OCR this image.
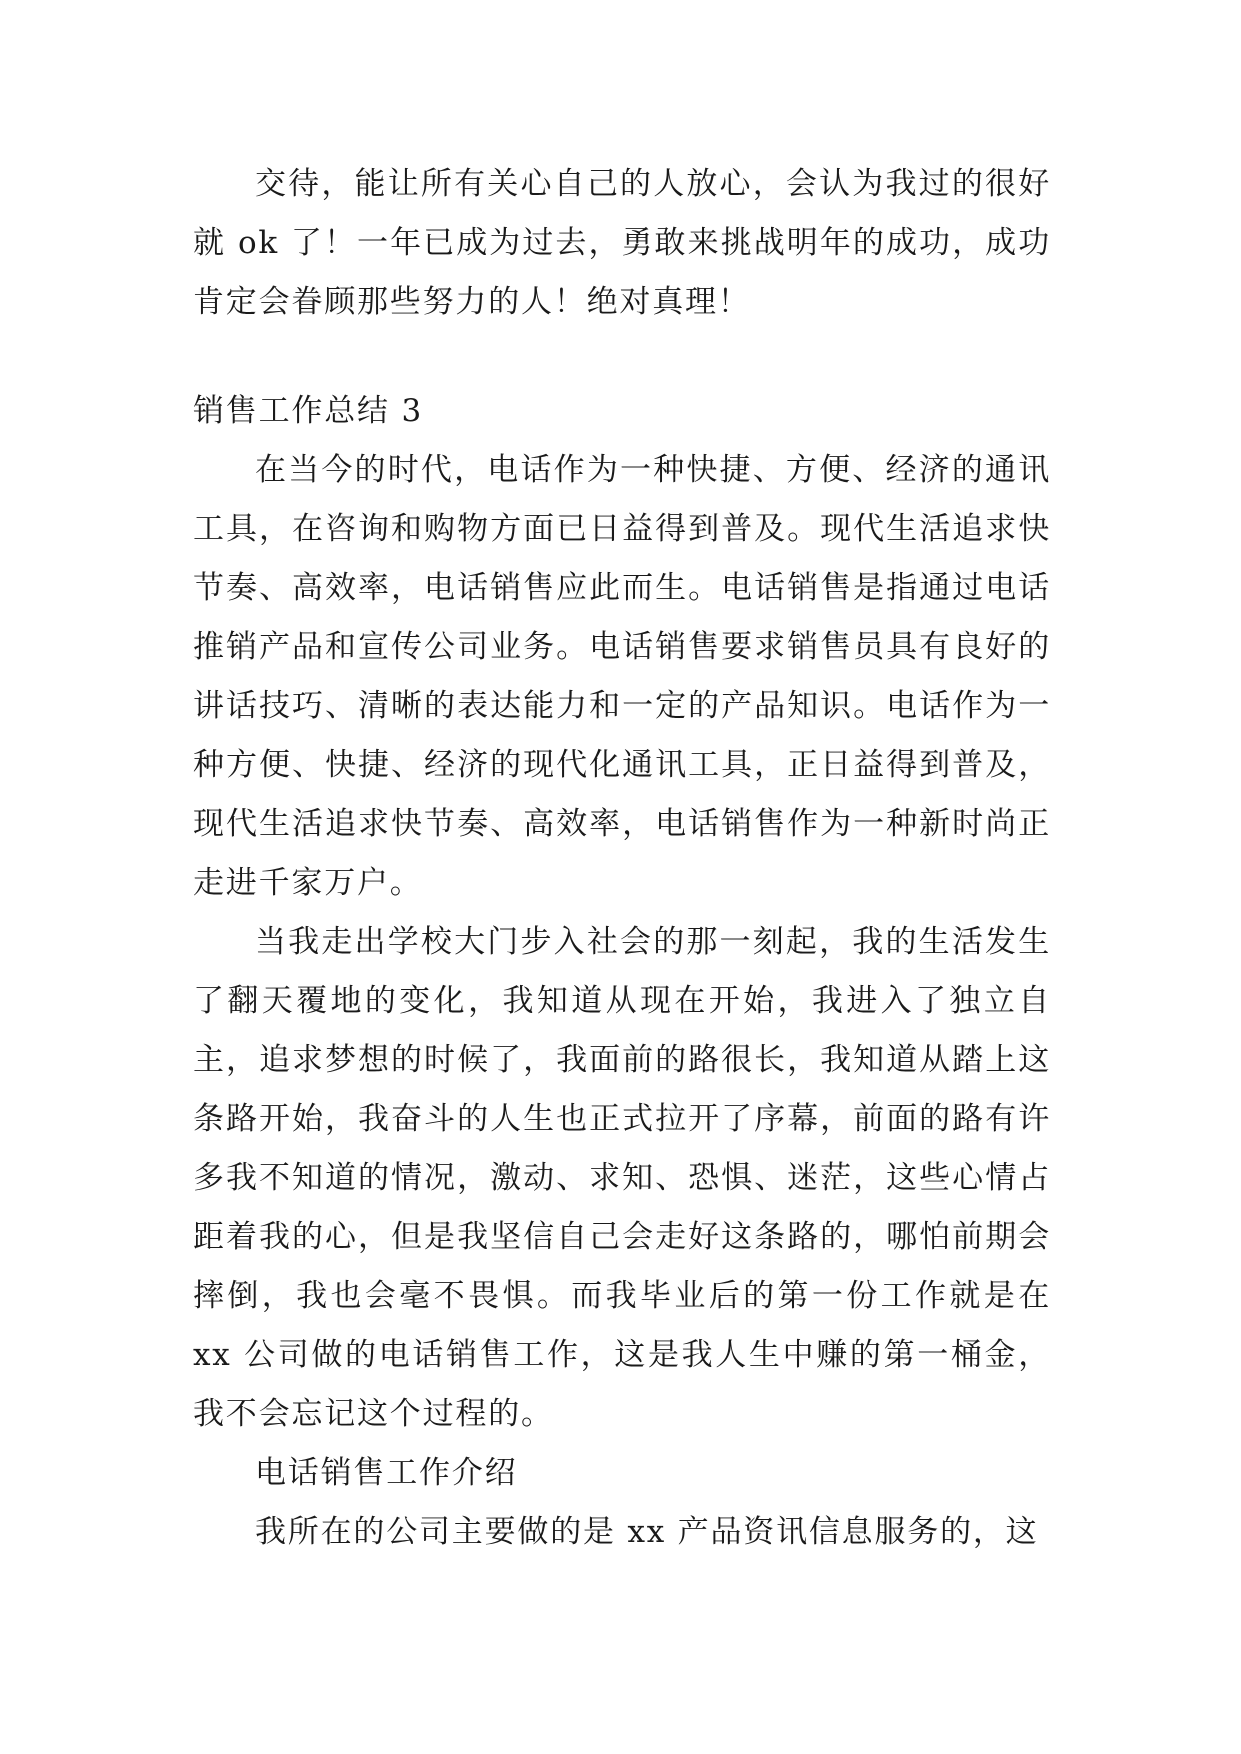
交待，能让所有关心自己的人放心，会认为我过的很好就 ok 了！一年已成为过去，勇敢来挑战明年的成功，成功肯定会眷顾那些努力的人！绝对真理！

销售工作总结 3

在当今的时代，电话作为一种快捷、方便、经济的通讯工具，在咨询和购物方面已日益得到普及。现代生活追求快节奏、高效率，电话销售应此而生。电话销售是指通过电话推销产品和宣传公司业务。电话销售要求销售员具有良好的讲话技巧、清晰的表达能力和一定的产品知识。电话作为一种方便、快捷、经济的现代化通讯工具，正日益得到普及，现代生活追求快节奏、高效率，电话销售作为一种新时尚正走进千家万户。

当我走出学校大门步入社会的那一刻起，我的生活发生了翻天覆地的变化，我知道从现在开始，我进入了独立自主，追求梦想的时候了，我面前的路很长，我知道从踏上这条路开始，我奋斗的人生也正式拉开了序幕，前面的路有许多我不知道的情况，激动、求知、恐惧、迷茫，这些心情占距着我的心，但是我坚信自己会走好这条路的，哪怕前期会摔倒，我也会毫不畏惧。而我毕业后的第一份工作就是在 xx 公司做的电话销售工作，这是我人生中赚的第一桶金，我不会忘记这个过程的。

电话销售工作介绍

我所在的公司主要做的是 xx 产品资讯信息服务的，这
